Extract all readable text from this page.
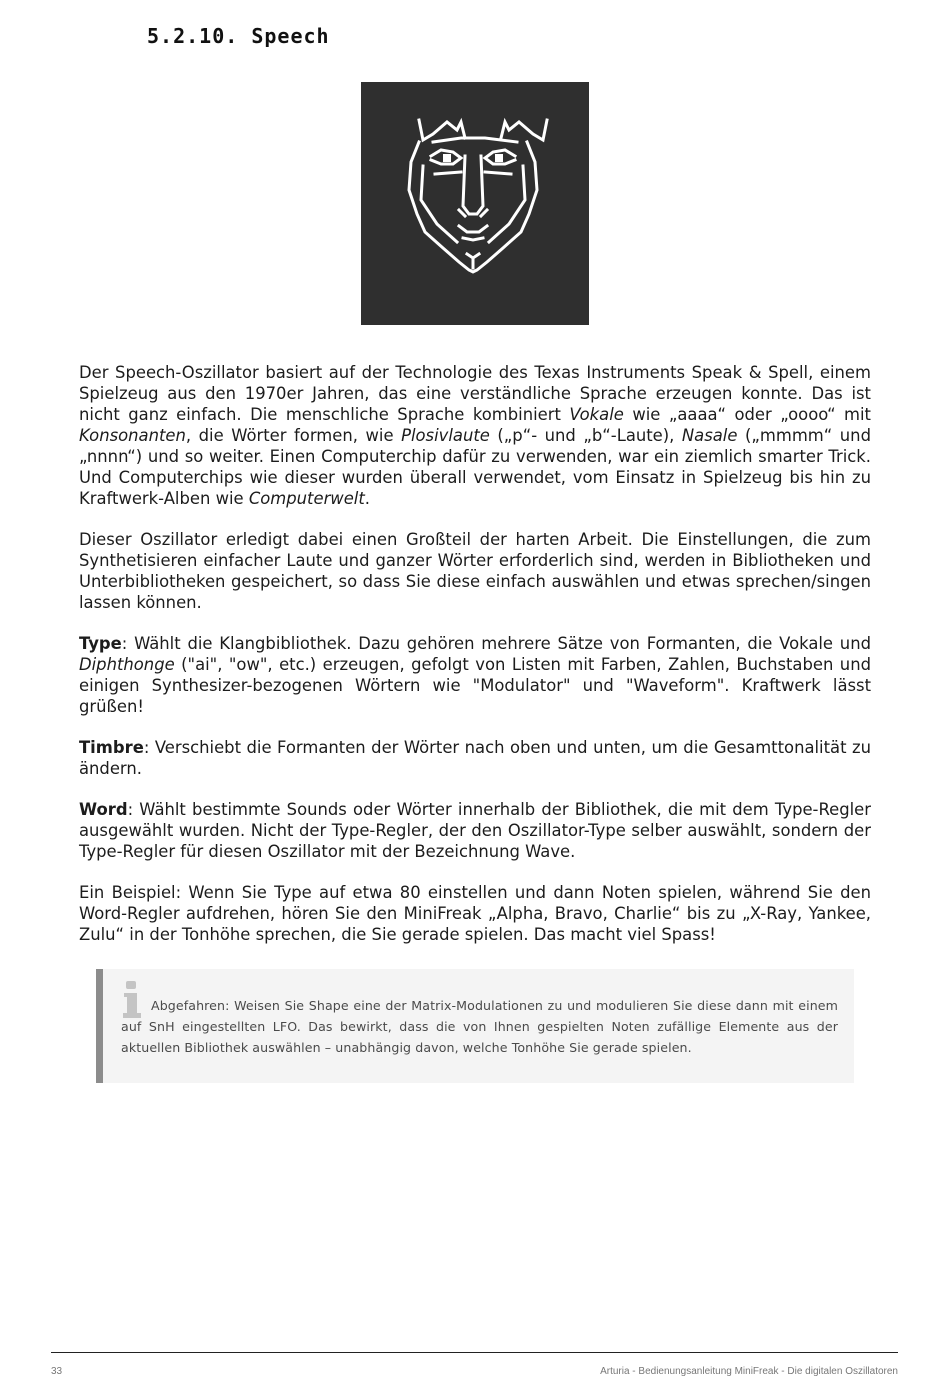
5.2.10. Speech

Der Speech-Oszillator basiert auf der Technologie des Texas Instruments Speak & Spell, einem Spielzeug aus den 1970er Jahren, das eine verständliche Sprache erzeugen konnte. Das ist nicht ganz einfach. Die menschliche Sprache kombiniert Vokale wie „aaaa“ oder „oooo“ mit Konsonanten, die Wörter formen, wie Plosivlaute („p“- und „b“-Laute), Nasale („mmmm“ und „nnnn“) und so weiter. Einen Computerchip dafür zu verwenden, war ein ziemlich smarter Trick. Und Computerchips wie dieser wurden überall verwendet, vom Einsatz in Spielzeug bis hin zu Kraftwerk-Alben wie Computerwelt.

Dieser Oszillator erledigt dabei einen Großteil der harten Arbeit. Die Einstellungen, die zum Synthetisieren einfacher Laute und ganzer Wörter erforderlich sind, werden in Bibliotheken und Unterbibliotheken gespeichert, so dass Sie diese einfach auswählen und etwas sprechen/singen lassen können.

Type: Wählt die Klangbibliothek. Dazu gehören mehrere Sätze von Formanten, die Vokale und Diphthonge ("ai", "ow", etc.) erzeugen, gefolgt von Listen mit Farben, Zahlen, Buchstaben und einigen Synthesizer-bezogenen Wörtern wie "Modulator" und "Waveform". Kraftwerk lässt grüßen!

Timbre: Verschiebt die Formanten der Wörter nach oben und unten, um die Gesamttonalität zu ändern.

Word: Wählt bestimmte Sounds oder Wörter innerhalb der Bibliothek, die mit dem Type-Regler ausgewählt wurden. Nicht der Type-Regler, der den Oszillator-Type selber auswählt, sondern der Type-Regler für diesen Oszillator mit der Bezeichnung Wave.

Ein Beispiel: Wenn Sie Type auf etwa 80 einstellen und dann Noten spielen, während Sie den Word-Regler aufdrehen, hören Sie den MiniFreak „Alpha, Bravo, Charlie“ bis zu „X-Ray, Yankee, Zulu“ in der Tonhöhe sprechen, die Sie gerade spielen. Das macht viel Spass!

Abgefahren: Weisen Sie Shape eine der Matrix-Modulationen zu und modulieren Sie diese dann mit einem auf SnH eingestellten LFO. Das bewirkt, dass die von Ihnen gespielten Noten zufällige Elemente aus der aktuellen Bibliothek auswählen – unabhängig davon, welche Tonhöhe Sie gerade spielen.

33	Arturia - Bedienungsanleitung MiniFreak - Die digitalen Oszillatoren
